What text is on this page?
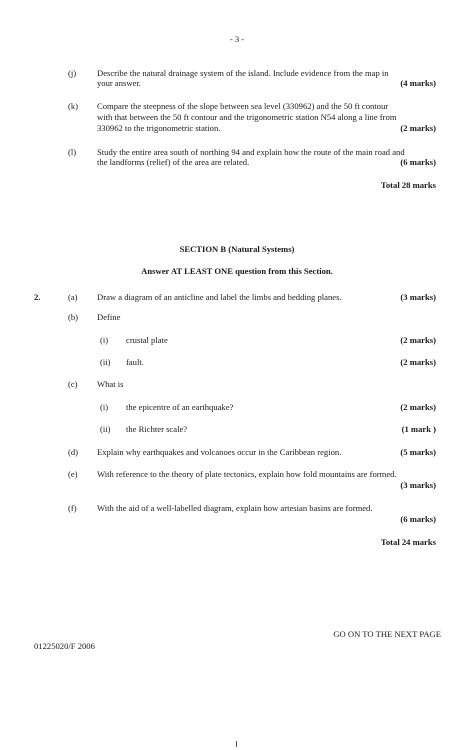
- 3 -
(j) Describe the natural drainage system of the island. Include evidence from the map in
your answer.	(4 marks)
(k) Compare the steepness of the slope between sea level (330962) and the 50 ft contour
with that between the 50 ft contour and the trigonometric station N54 along a line from
330962 to the trigonometric station.	(2 marks)
(l) Study the entire area south of northing 94 and explain how the route of the main road and
the landforms (relief) of the area are related.	(6 marks)
Total 28 marks
SECTION B (Natural Systems)
Answer AT LEAST ONE question from this Section.
2.	(a) Draw a diagram of an anticline and label the limbs and bedding planes.	(3 marks)
(b) Define
(i) crustal plate	(2 marks)
(ii) fault.	(2 marks)
(c) What is
(i) the epicentre of an earthquake?	(2 marks)
(ii) the Richter scale?	(1 mark )
(d) Explain why earthquakes and volcanoes occur in the Caribbean region.	(5 marks)
(e) With reference to the theory of plate tectonics, explain how fold mountains are formed.
(3 marks)
(f) With the aid of a well-labelled diagram, explain how artesian basins are formed.
(6 marks)
Total 24 marks
GO ON TO THE NEXT PAGE
01225020/F 2006
